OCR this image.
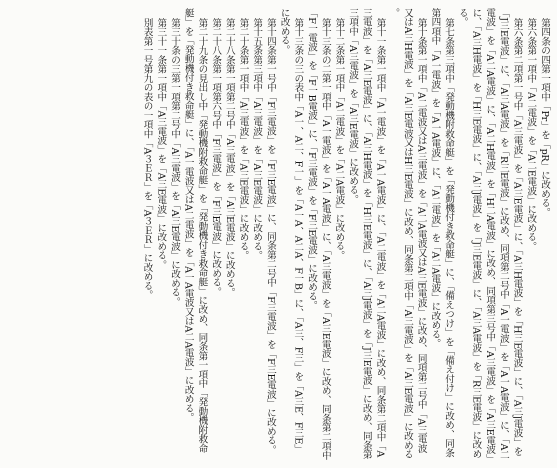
第四条の四第一項中「Pr」を「pR」に改める。

第六条第一項中「A二電波」を「A二E電波」に改める。

第六条第二項第一号中「A三電波」を「A三E電波」に、「A三H電波」を「H三E電波」に、「A三J電波」を「J三E電波」に、「A三A電波」を「R三E電波」に改め、同項第二号中「A一電波」を「A一A電波」に、「A二電波」を「A二A電波」に、「A二H電波」を「H二A電波」に改め、同項第三号中「A三電波」を「A三E電波」に、「A三H電波」を「H三E電波」に、「A三J電波」を「J三E電波」に、「A三A電波」を「R三E電波」に改める。

第七条第三項中「発動機附救命艇」を「発動機付き救命艇」に、「備えつけ」を「備え付け」に改め、同条第四項中「A一電波」を「A一A電波」に、「A二電波」を「A二A電波」に改める。

第十条第一項中「A二電波又はA三電波」を「A二A電波又はA三E電波」に改め、同項第二号中「A三電波又はA三H電波」を「A三E電波又はH三E電波」に改め、同条第二項中「A三電波」を「A三E電波」に改める。

第十一条第一項中「A一電波」を「A一A電波」に、「A二電波」を「A二A電波」に改め、同条第二項中「A三電波」を「A三E電波」に、「A三H電波」を「H三E電波」に、「A三J電波」を「J三E電波」に改め、同条第三項中「A三電波」を「A三E電波」に改める。

第十二条第一項中「A二電波」を「A二A電波」に改める。

第十三条の二第一項中「A一電波」を「A一A電波」に、「A三電波」を「A三E電波」に改め、同条第二項中「F一電波」を「F一B電波」に、「F三電波」を「F三E電波」に改める。

第十三条の三の表中「A一、A二、F一」を「A一A、A二A、F一B」に、「A三、F三」を「A三E、F三E」に改める。

第十四条第一号中「F三電波」を「F三E電波」に、同条第二号中「F三電波」を「F三E電波」に改める。

第十五条第三項中「A三電波」を「A三E電波」に改める。

第二十条第一項中「A三電波」を「A三E電波」に改める。

第二十八条第一項第二号中「A三電波」を「A三E電波」に改める。

第二十八条第一項第六号中「F三電波」を「F三E電波」に改める。

第二十九条の見出し中「発動機附救命艇」を「発動機付き救命艇」に改め、同条第一項中「発動機附救命艇」を「発動機付き救命艇」に、「A一電波又はA二電波」を「A一A電波又はA二A電波」に改める。

第三十条の三第一項第二号中「A三電波」を「A三E電波」に改める。

第三十一条第一項中「A三電波」を「A三E電波」に改める。

別表第一号第九の表の一項中「A３ＥＲ」を「A３ＥＲ」に改める。
